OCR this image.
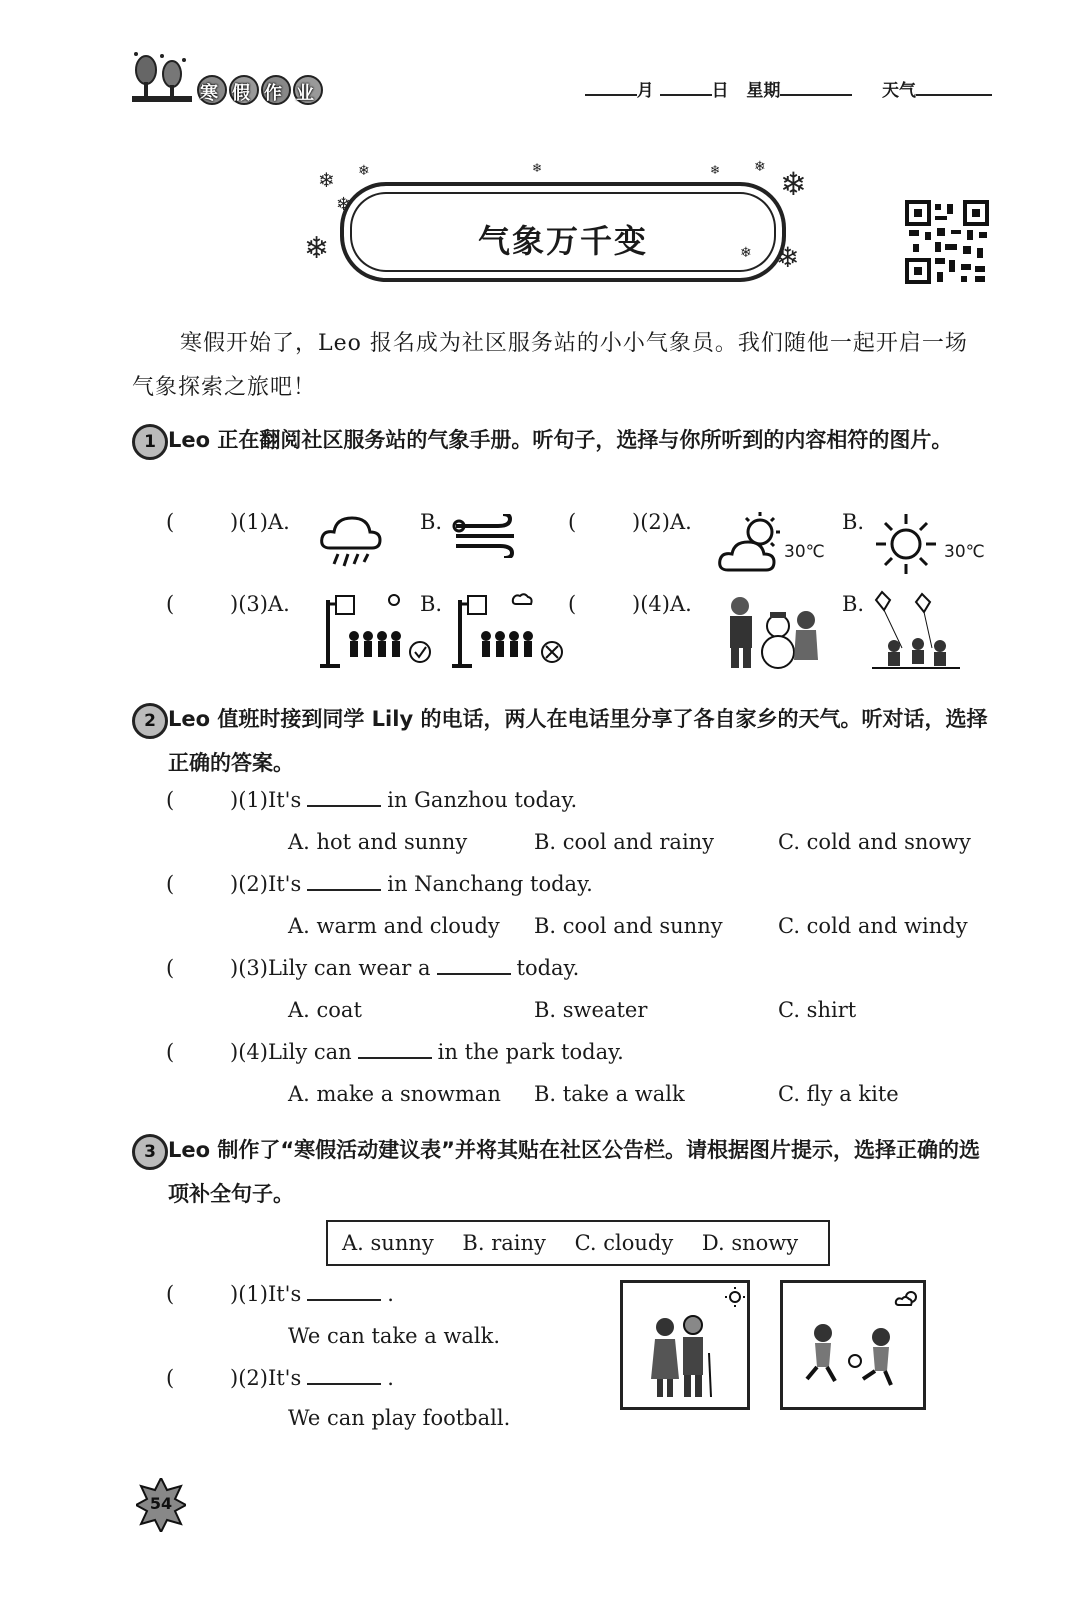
寒假作业	月	日 星期	天气
气象万千变
❄
❄
❄
❄	❄	❄ ❄ ❄
❄
❄
寒假开始了，Leo 报名成为社区服务站的小小气象员。我们随他一起开启一场气象探索之旅吧！
1 Leo 正在翻阅社区服务站的气象手册。听句子，选择与你所听到的内容相符的图片。
(	)(1)A.	B.	(	)(2)A.
30℃
B.
30℃
(	)(3)A.	B.	(	)(4)A.	B.
2 Leo 值班时接到同学 Lily 的电话，两人在电话里分享了各自家乡的天气。听对话，选择正确的答案。
(	)(1)It's	in Ganzhou today.
A. hot and sunny	B. cool and rainy	C. cold and snowy
(	)(2)It's	in Nanchang today.
A. warm and cloudy B. cool and sunny	C. cold and windy
(	)(3)Lily can wear a	today.
A. coat	B. sweater	C. shirt
(	)(4)Lily can	in the park today.
A. make a snowman B. take a walk	C. fly a kite
3 Leo 制作了“寒假活动建议表”并将其贴在社区公告栏。请根据图片提示，选择正确的选项补全句子。
A. sunny B. rainy C. cloudy D. snowy
(	)(1)It's	.
We can take a walk.
(	)(2)It's	.
We can play football.
54
